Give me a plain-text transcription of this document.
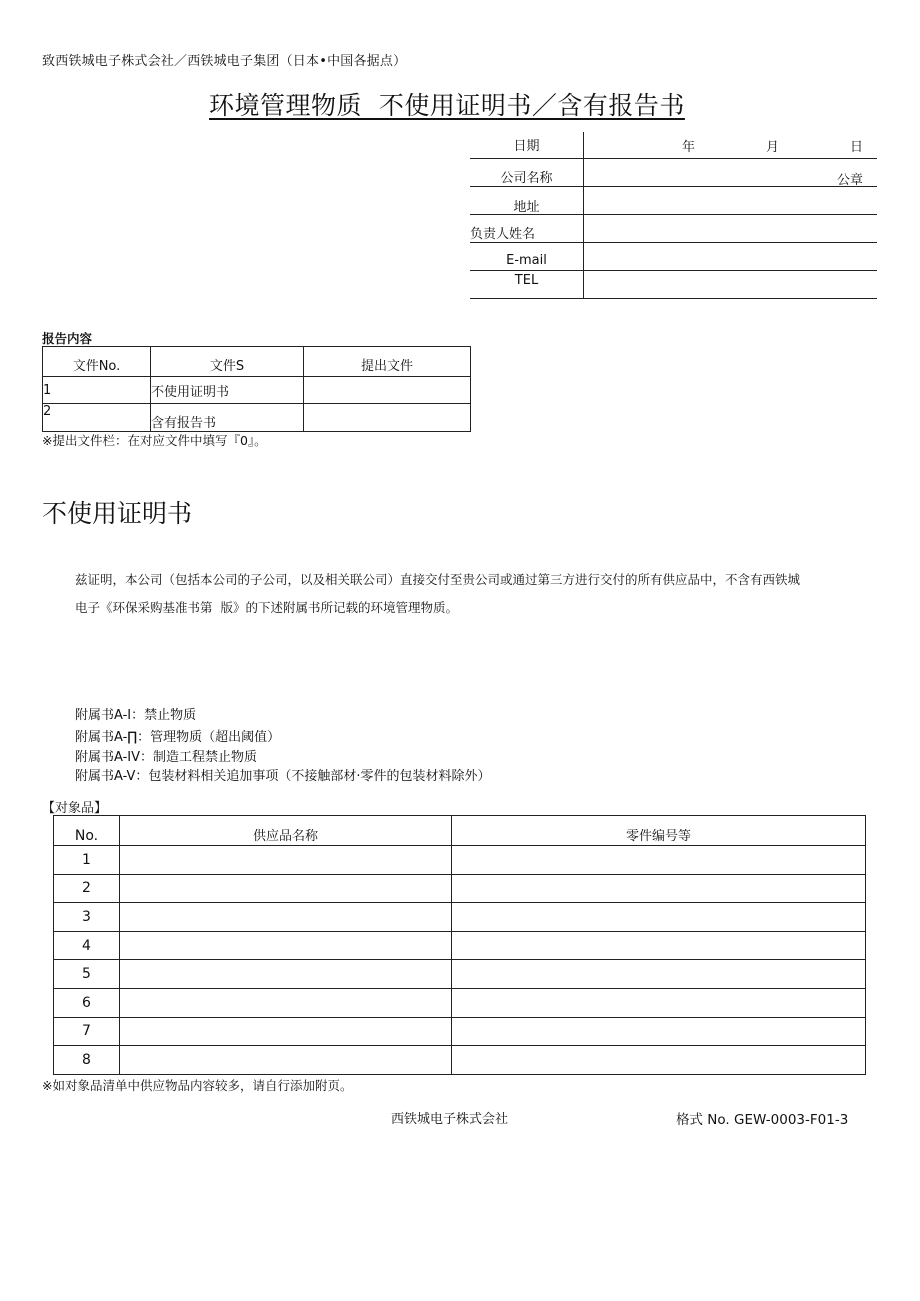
致西铁城电子株式会社／西铁城电子集团（日本•中国各据点）
环境管理物质  不使用证明书／含有报告书
日期	年	月	日
公司名称	公章
地址
负责人姓名
E-mail
TEL
报告内容
文件No.	文件S	提出文件
1	不使用证明书	
2	含有报告书	
※提出文件栏：在对应文件中填写『0』。
不使用证明书
兹证明，本公司（包括本公司的子公司，以及相关联公司）直接交付至贵公司或通过第三方进行交付的所有供应品中，不含有西铁城
电子《环保采购基准书第  版》的下述附属书所记载的环境管理物质。
附属书A-I：禁止物质
附属书A-∏：管理物质（超出阈值）
附属书A-IV：制造工程禁止物质
附属书A-V：包装材料相关追加事项（不接触部材·零件的包装材料除外）
【对象品】
No.	供应品名称	零件编号等
1		
2		
3		
4		
5		
6		
7		
8		
※如对象品清单中供应物品内容较多，请自行添加附页。
西铁城电子株式会社	格式 No. GEW-0003-F01-3
